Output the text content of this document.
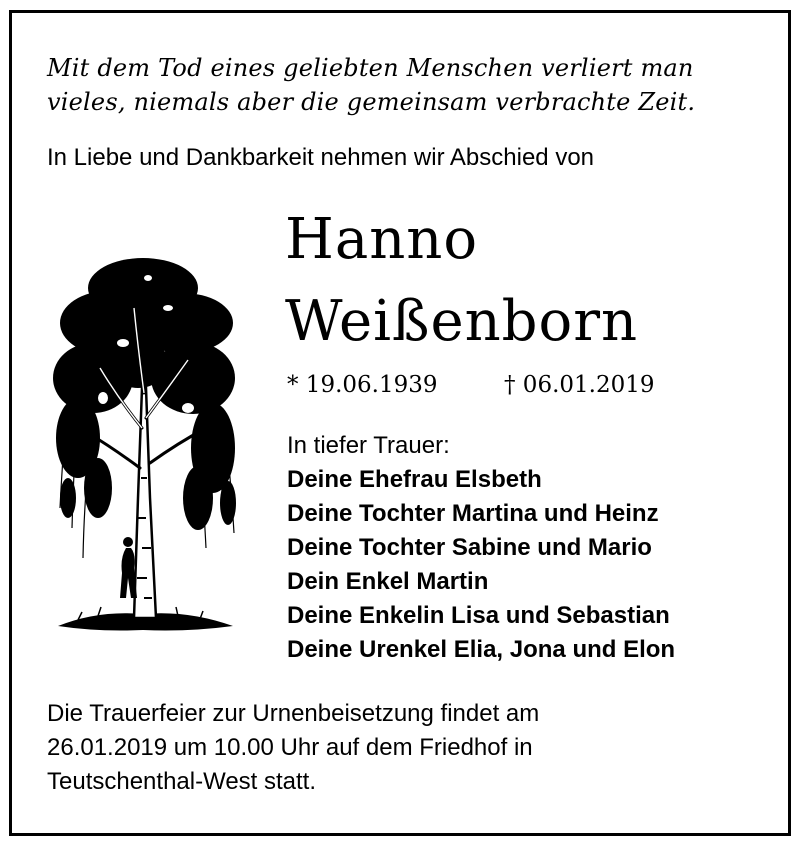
Mit dem Tod eines geliebten Menschen verliert man
vieles, niemals aber die gemeinsam verbrachte Zeit.
In Liebe und Dankbarkeit nehmen wir Abschied von
Hanno
Weißenborn
* 19.06.1939	† 06.01.2019
In tiefer Trauer:
Deine Ehefrau Elsbeth
Deine Tochter Martina und Heinz
Deine Tochter Sabine und Mario
Dein Enkel Martin
Deine Enkelin Lisa und Sebastian
Deine Urenkel Elia, Jona und Elon
Die Trauerfeier zur Urnenbeisetzung findet am
26.01.2019 um 10.00 Uhr auf dem Friedhof in
Teutschenthal-West statt.
